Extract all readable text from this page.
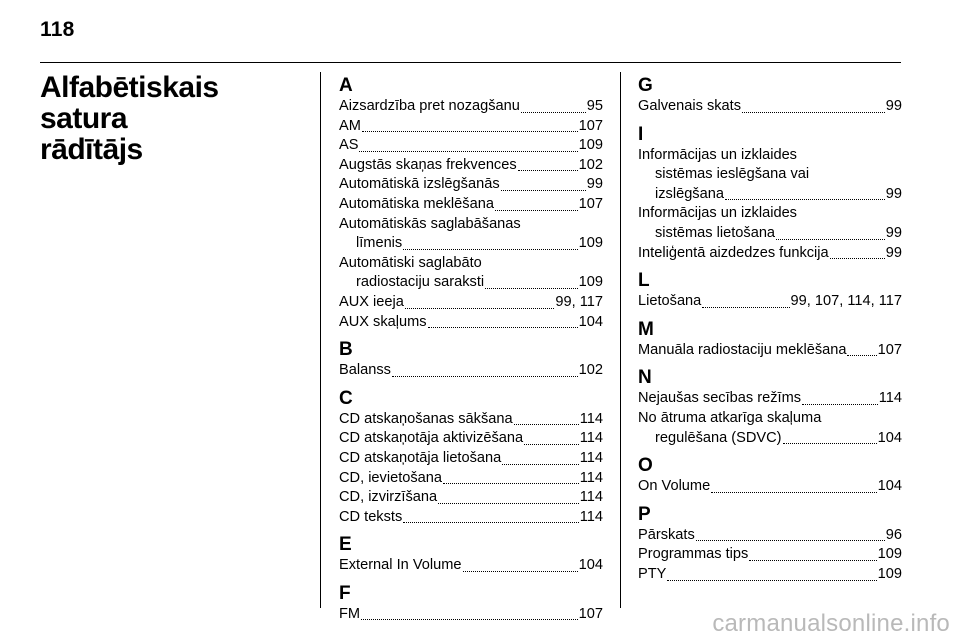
118
Alfabētiskais satura
rādītājs
A
Aizsardzība pret nozagšanu	95
AM	107
AS	109
Augstās skaņas frekvences	102
Automātiskā izslēgšanās	99
Automātiska meklēšana	107
Automātiskās saglabāšanas
līmenis	109
Automātiski saglabāto
radiostaciju saraksti	109
AUX ieeja	99, 117
AUX skaļums	104
B
Balanss	102
C
CD atskaņošanas sākšana	114
CD atskaņotāja aktivizēšana	114
CD atskaņotāja lietošana	114
CD, ievietošana	114
CD, izvirzīšana	114
CD teksts	114
E
External In Volume	104
F
FM	107
G
Galvenais skats	99
I
Informācijas un izklaides
sistēmas ieslēgšana vai
izslēgšana	99
Informācijas un izklaides
sistēmas lietošana	99
Inteliģentā aizdedzes funkcija	99
L
Lietošana	99, 107, 114, 117
M
Manuāla radiostaciju meklēšana 107
N
Nejaušas secības režīms	114
No ātruma atkarīga skaļuma
regulēšana (SDVC)	104
O
On Volume	104
P
Pārskats	96
Programmas tips	109
PTY	109
carmanualsonline.info
